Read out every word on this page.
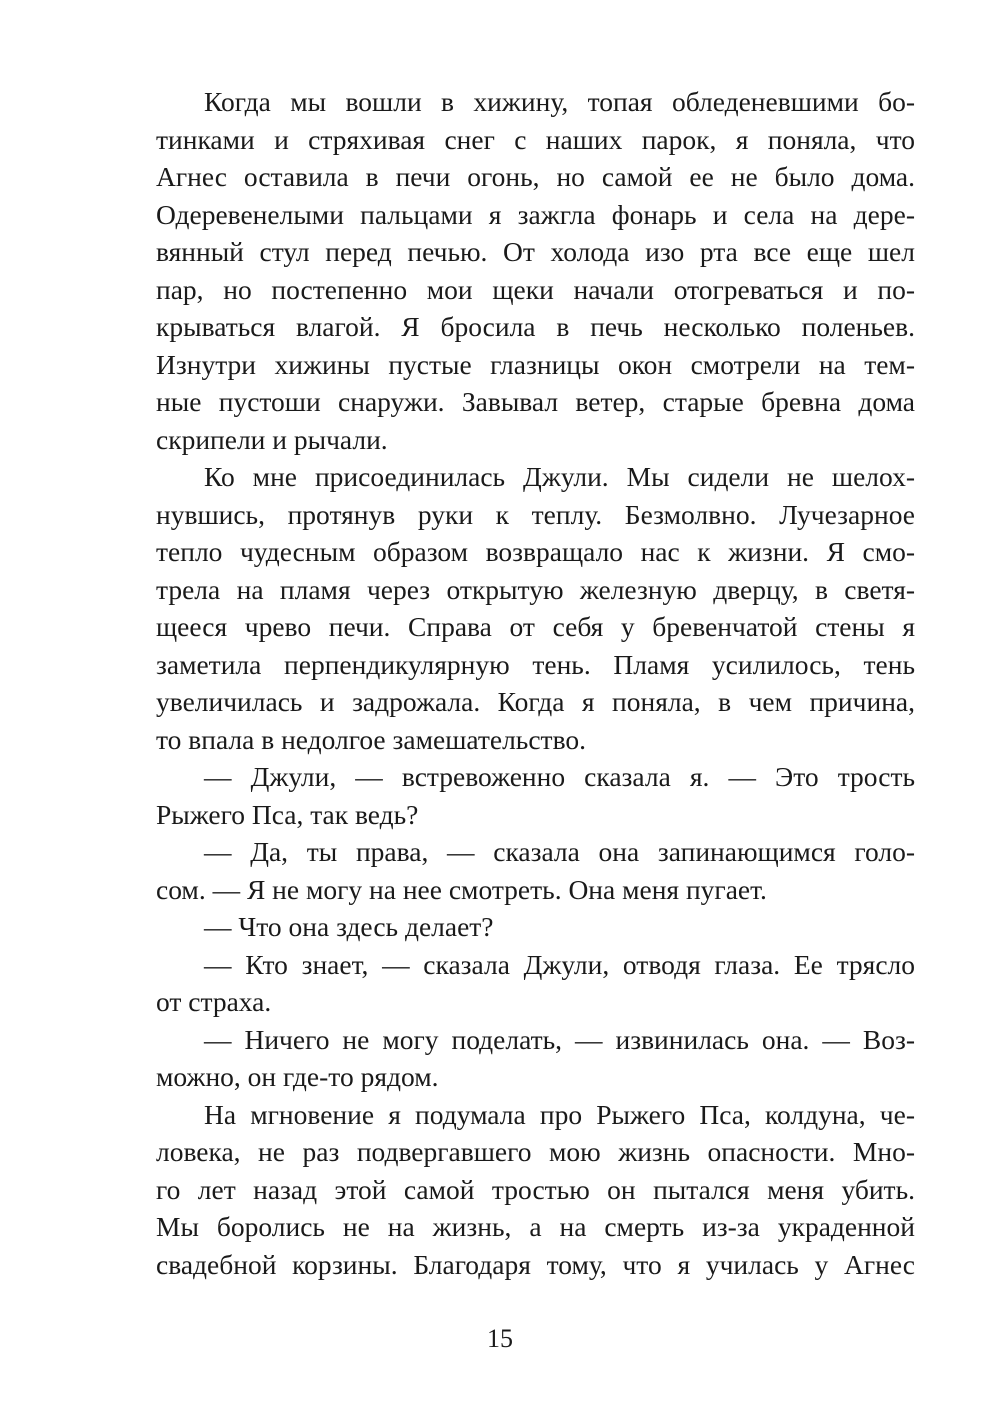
Когда мы вошли в хижину, топая обледеневшими бо-
тинками и стряхивая снег с наших парок, я поняла, что
Агнес оставила в печи огонь, но самой ее не было дома.
Одеревенелыми пальцами я зажгла фонарь и села на дере-
вянный стул перед печью. От холода изо рта все еще шел
пар, но постепенно мои щеки начали отогреваться и по-
крываться влагой. Я бросила в печь несколько поленьев.
Изнутри хижины пустые глазницы окон смотрели на тем-
ные пустоши снаружи. Завывал ветер, старые бревна дома
скрипели и рычали.
Ко мне присоединилась Джули. Мы сидели не шелох-
нувшись, протянув руки к теплу. Безмолвно. Лучезарное
тепло чудесным образом возвращало нас к жизни. Я смо-
трела на пламя через открытую железную дверцу, в светя-
щееся чрево печи. Справа от себя у бревенчатой стены я
заметила перпендикулярную тень. Пламя усилилось, тень
увеличилась и задрожала. Когда я поняла, в чем причина,
то впала в недолгое замешательство.
— Джули, — встревоженно сказала я. — Это трость
Рыжего Пса, так ведь?
— Да, ты права, — сказала она запинающимся голо-
сом. — Я не могу на нее смотреть. Она меня пугает.
— Что она здесь делает?
— Кто знает, — сказала Джули, отводя глаза. Ее трясло
от страха.
— Ничего не могу поделать, — извинилась она. — Воз-
можно, он где-то рядом.
На мгновение я подумала про Рыжего Пса, колдуна, че-
ловека, не раз подвергавшего мою жизнь опасности. Мно-
го лет назад этой самой тростью он пытался меня убить.
Мы боролись не на жизнь, а на смерть из-за украденной
свадебной корзины. Благодаря тому, что я училась у Агнес
15
